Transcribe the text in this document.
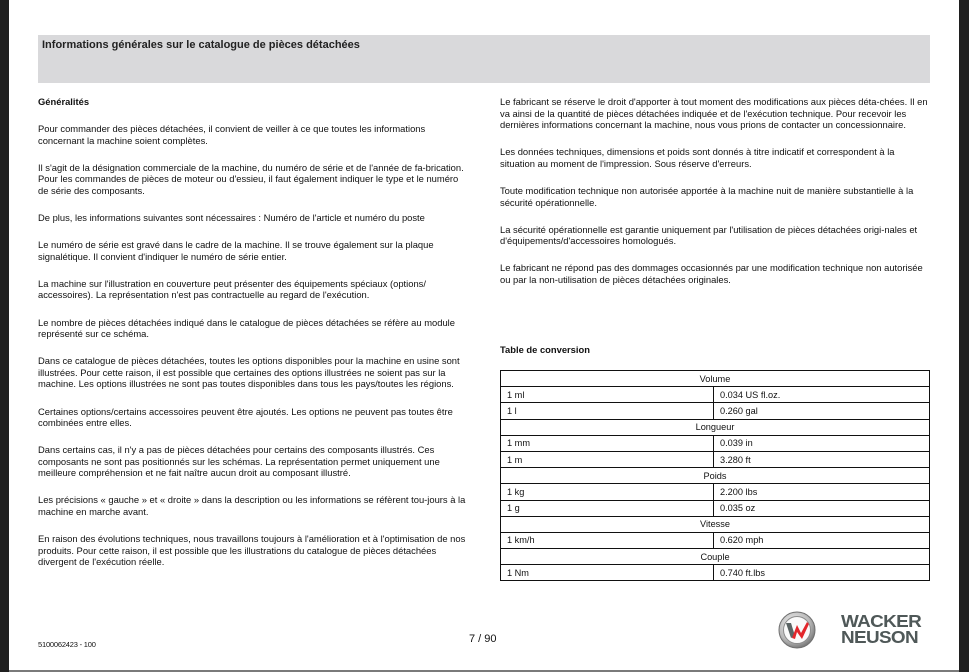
Informations générales sur le catalogue de pièces détachées

Généralités

Pour commander des pièces détachées, il convient de veiller à ce que toutes les informations concernant la machine soient complètes.

Il s'agit de la désignation commerciale de la machine, du numéro de série et de l'année de fa-brication. Pour les commandes de pièces de moteur ou d'essieu, il faut également indiquer le type et le numéro de série des composants.

De plus, les informations suivantes sont nécessaires : Numéro de l'article et numéro du poste

Le numéro de série est gravé dans le cadre de la machine. Il se trouve également sur la plaque signalétique. Il convient d'indiquer le numéro de série entier.

La machine sur l'illustration en couverture peut présenter des équipements spéciaux (options/ accessoires). La représentation n'est pas contractuelle au regard de l'exécution.

Le nombre de pièces détachées indiqué dans le catalogue de pièces détachées se réfère au module représenté sur ce schéma.

Dans ce catalogue de pièces détachées, toutes les options disponibles pour la machine en usine sont illustrées. Pour cette raison, il est possible que certaines des options illustrées ne soient pas sur la machine. Les options illustrées ne sont pas toutes disponibles dans tous les pays/toutes les régions.

Certaines options/certains accessoires peuvent être ajoutés. Les options ne peuvent pas toutes être combinées entre elles.

Dans certains cas, il n'y a pas de pièces détachées pour certains des composants illustrés. Ces composants ne sont pas positionnés sur les schémas. La représentation permet uniquement une meilleure compréhension et ne fait naître aucun droit au composant illustré.

Les précisions « gauche » et « droite » dans la description ou les informations se réfèrent tou-jours à la machine en marche avant.

En raison des évolutions techniques, nous travaillons toujours à l'amélioration et à l'optimisation de nos produits. Pour cette raison, il est possible que les illustrations du catalogue de pièces détachées divergent de l'exécution réelle.

Le fabricant se réserve le droit d'apporter à tout moment des modifications aux pièces déta-chées. Il en va ainsi de la quantité de pièces détachées indiquée et de l'exécution technique. Pour recevoir les dernières informations concernant la machine, nous vous prions de contacter un concessionnaire.

Les données techniques, dimensions et poids sont donnés à titre indicatif et correspondent à la situation au moment de l'impression. Sous réserve d'erreurs.

Toute modification technique non autorisée apportée à la machine nuit de manière substantielle à la sécurité opérationnelle.

La sécurité opérationnelle est garantie uniquement par l'utilisation de pièces détachées origi-nales et d'équipements/d'accessoires homologués.

Le fabricant ne répond pas des dommages occasionnés par une modification technique non autorisée ou par la non-utilisation de pièces détachées originales.

Table de conversion
Volume	
1 ml	0.034 US fl.oz.
1 l	0.260 gal
Longueur	
1 mm	0.039 in
1 m	3.280 ft
Poids	
1 kg	2.200 lbs
1 g	0.035 oz
Vitesse	
1 km/h	0.620 mph
Couple	
1 Nm	0.740 ft.lbs
5100062423 - 100	7 / 90
WACKER
NEUSON
